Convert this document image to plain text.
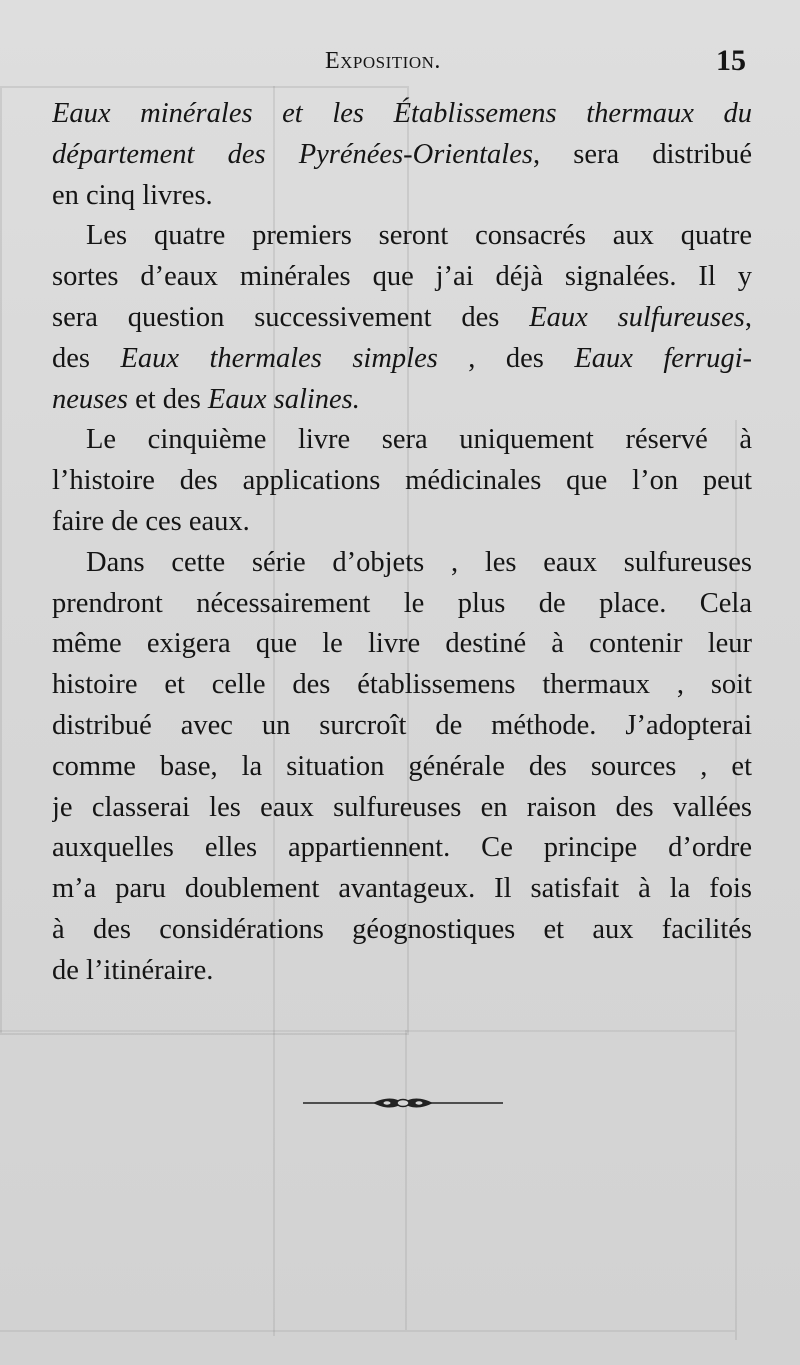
Exposition.	15

Eaux minérales et les Établissemens thermaux du
département des Pyrénées-Orientales, sera distribué
en cinq livres.

Les quatre premiers seront consacrés aux quatre
sortes d’eaux minérales que j’ai déjà signalées. Il y
sera question successivement des Eaux sulfureuses,
des Eaux thermales simples , des Eaux ferrugi-
neuses et des Eaux salines.

Le cinquième livre sera uniquement réservé à
l’histoire des applications médicinales que l’on peut
faire de ces eaux.

Dans cette série d’objets , les eaux sulfureuses
prendront nécessairement le plus de place. Cela
même exigera que le livre destiné à contenir leur
histoire et celle des établissemens thermaux , soit
distribué avec un surcroît de méthode. J’adopterai
comme base, la situation générale des sources , et
je classerai les eaux sulfureuses en raison des vallées
auxquelles elles appartiennent. Ce principe d’ordre
m’a paru doublement avantageux. Il satisfait à la fois
à des considérations géognostiques et aux facilités
de l’itinéraire.
